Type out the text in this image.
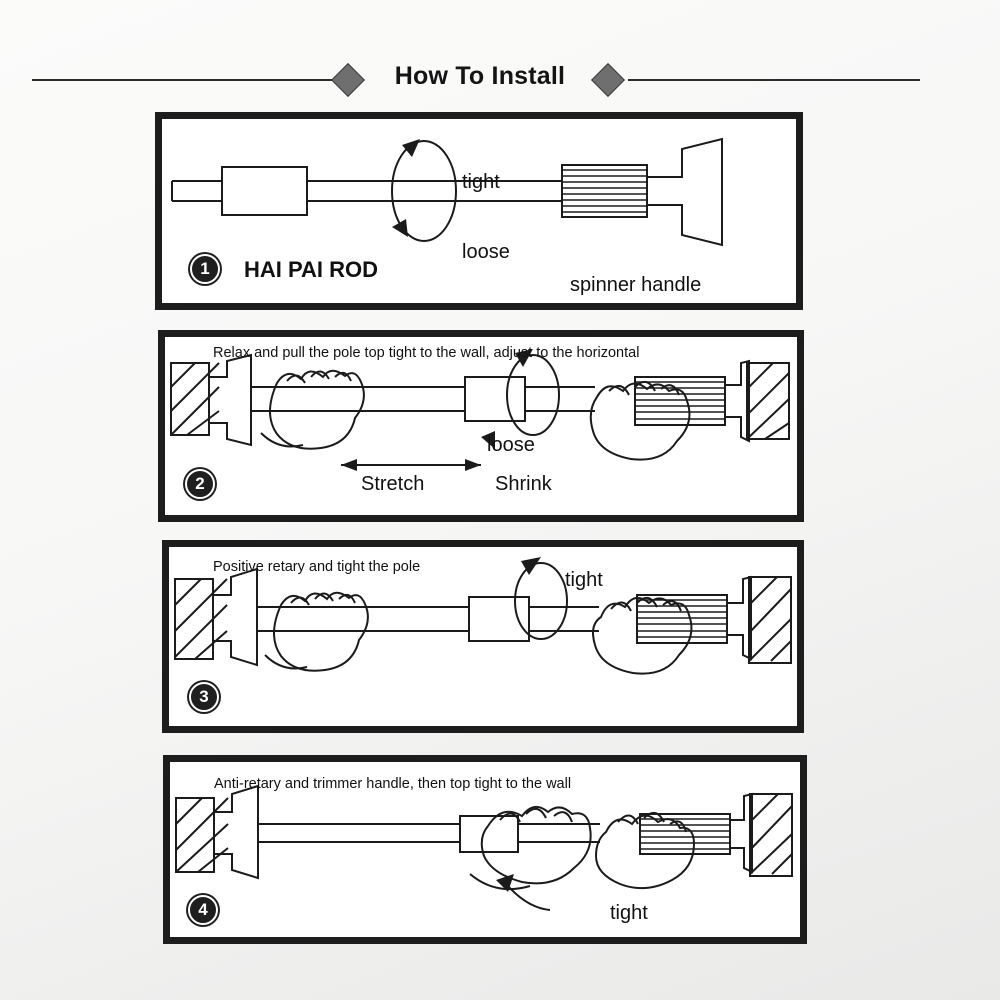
How To Install
1	HAI PAI ROD
tight
loose
spinner handle
Relax and pull the pole top tight to the wall, adjust to the horizontal
2
loose
Stretch	Shrink
Positive retary and tight the pole
3
tight
Anti-retary and trimmer handle, then top tight to the wall
4	tight
